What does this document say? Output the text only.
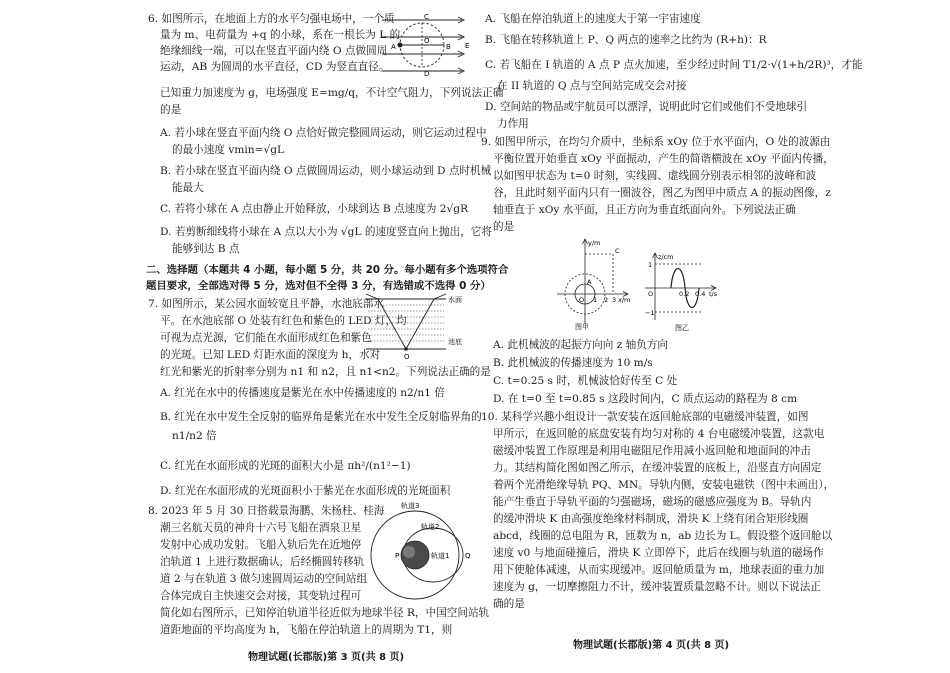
6. 如图所示，在地面上方的水平匀强电场中，一个质
量为 m、电荷量为 +q 的小球，系在一根长为 L 的
绝缘细线一端，可以在竖直平面内绕 O 点做圆周
运动，AB 为圆周的水平直径，CD 为竖直直径。
已知重力加速度为 g，电场强度 E=mg/q，不计空气阻力，下列说法正确
的是
A. 若小球在竖直平面内绕 O 点恰好做完整圆周运动，则它运动过程中
的最小速度 vmin=√gL
B. 若小球在竖直平面内绕 O 点做圆周运动，则小球运动到 D 点时机械
能最大
C. 若将小球在 A 点由静止开始释放，小球到达 B 点速度为 2√gR
D. 若剪断细线将小球在 A 点以大小为 √gL 的速度竖直向上抛出，它将
能够到达 B 点
C
A
O
B
D
E
二、选择题（本题共 4 小题，每小题 5 分，共 20 分。每小题有多个选项符合
题目要求，全部选对得 5 分，选对但不全得 3 分，有选错或不选得 0 分）
7. 如图所示，某公园水面较宽且平静，水池底部水
平。在水池底部 O 处装有红色和紫色的 LED 灯，均
可视为点光源，它们能在水面形成红色和紫色
的光斑。已知 LED 灯距水面的深度为 h，水对
红光和紫光的折射率分别为 n1 和 n2，且 n1<n2。下列说法正确的是
A. 红光在水中的传播速度是紫光在水中传播速度的 n2/n1 倍
B. 红光在水中发生全反射的临界角是紫光在水中发生全反射临界角的
n1/n2 倍
C. 红光在水面形成的光斑的面积大小是 πh²/(n1²−1)
D. 红光在水面形成的光斑面积小于紫光在水面形成的光斑面积
水面
O
池底
8. 2023 年 5 月 30 日搭载景海鹏、朱杨柱、桂海
潮三名航天员的神舟十六号飞船在酒泉卫星
发射中心成功发射。飞船入轨后先在近地停
泊轨道 1 上进行数据确认，后经椭圆转移轨
道 2 与在轨道 3 做匀速圆周运动的空间站组
合体完成自主快速交会对接，其变轨过程可
简化如右图所示，已知停泊轨道半径近似为地球半径 R，中国空间站轨
道距地面的平均高度为 h，飞船在停泊轨道上的周期为 T1，则
轨道3
轨道2
P	轨道1 Q
物理试题(长郡版)第 3 页(共 8 页)
A. 飞船在停泊轨道上的速度大于第一宇宙速度
B. 飞船在转移轨道上 P、Q 两点的速率之比约为 (R+h)：R
C. 若飞船在 I 轨道的 A 点 P 点火加速，至少经过时间 T1/2·√(1+h/2R)³，才能
在 II 轨道的 Q 点与空间站完成交会对接
D. 空间站的物品或宇航员可以漂浮，说明此时它们或他们不受地球引
力作用
9. 如图甲所示，在均匀介质中，坐标系 xOy 位于水平面内，O 处的波源由
平衡位置开始垂直 xOy 平面振动，产生的简谐横波在 xOy 平面内传播，
以如图甲状态为 t=0 时刻，实线圆、虚线圆分别表示相邻的波峰和波
谷，且此时刻平面内只有一圈波谷，图乙为图甲中质点 A 的振动图像，z
轴垂直于 xOy 水平面，且正方向为垂直纸面向外。下列说法正确
的是
y/m
C
A
O 1 2 3 x/m
图甲
z/cm
1
O
−1
0.2 0.4 t/s
图乙
A. 此机械波的起振方向向 z 轴负方向
B. 此机械波的传播速度为 10 m/s
C. t=0.25 s 时，机械波恰好传至 C 处
D. 在 t=0 至 t=0.85 s 这段时间内，C 质点运动的路程为 8 cm
10. 某科学兴趣小组设计一款安装在返回舱底部的电磁缓冲装置，如图
甲所示，在返回舱的底盘安装有均匀对称的 4 台电磁缓冲装置，这款电
磁缓冲装置工作原理是利用电磁阻尼作用减小返回舱和地面间的冲击
力。其结构简化图如图乙所示，在缓冲装置的底板上，沿竖直方向固定
着两个光滑绝缘导轨 PQ、MN。导轨内侧，安装电磁铁（图中未画出），
能产生垂直于导轨平面的匀强磁场，磁场的磁感应强度为 B。导轨内
的缓冲滑块 K 由高强度绝缘材料制成，滑块 K 上绕有闭合矩形线圈
abcd，线圈的总电阻为 R，匝数为 n，ab 边长为 L。假设整个返回舱以
速度 v0 与地面碰撞后，滑块 K 立即停下，此后在线圈与轨道的磁场作
用下使舱体减速，从而实现缓冲。返回舱质量为 m，地球表面的重力加
速度为 g，一切摩擦阻力不计，缓冲装置质量忽略不计。则以下说法正
确的是
物理试题(长郡版)第 4 页(共 8 页)
